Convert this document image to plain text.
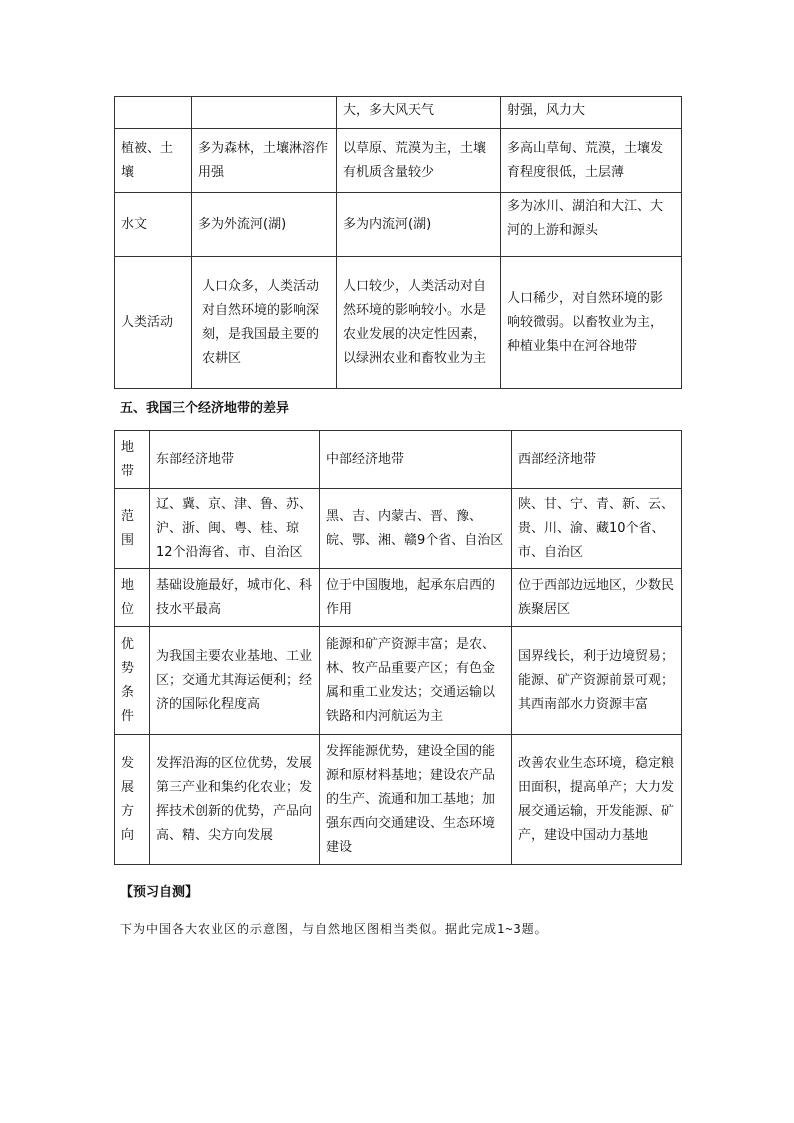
		大，多大风天气	射强，风力大
植被、土壤	多为森林，土壤淋溶作用强	以草原、荒漠为主，土壤有机质含量较少	多高山草甸、荒漠，土壤发育程度很低，土层薄
水文	多为外流河(湖)	多为内流河(湖)	多为冰川、湖泊和大江、大河的上游和源头
人类活动	人口众多，人类活动对自然环境的影响深刻，是我国最主要的农耕区	人口较少，人类活动对自然环境的影响较小。水是农业发展的决定性因素，以绿洲农业和畜牧业为主	人口稀少，对自然环境的影响较微弱。以畜牧业为主，种植业集中在河谷地带
五、我国三个经济地带的差异
地带	东部经济地带	中部经济地带	西部经济地带
范围	辽、冀、京、津、鲁、苏、沪、浙、闽、粤、桂、琼12个沿海省、市、自治区	黑、吉、内蒙古、晋、豫、皖、鄂、湘、赣9个省、自治区	陕、甘、宁、青、新、云、贵、川、渝、藏10个省、市、自治区
地位	基础设施最好，城市化、科技水平最高	位于中国腹地，起承东启西的作用	位于西部边远地区，少数民族聚居区
优势条件	为我国主要农业基地、工业区；交通尤其海运便利；经济的国际化程度高	能源和矿产资源丰富；是农、林、牧产品重要产区；有色金属和重工业发达；交通运输以铁路和内河航运为主	国界线长，利于边境贸易；能源、矿产资源前景可观；其西南部水力资源丰富
发展方向	发挥沿海的区位优势，发展第三产业和集约化农业；发挥技术创新的优势，产品向高、精、尖方向发展	发挥能源优势，建设全国的能源和原材料基地；建设农产品的生产、流通和加工基地；加强东西向交通建设、生态环境建设	改善农业生态环境，稳定粮田面积，提高单产；大力发展交通运输，开发能源、矿产，建设中国动力基地
【预习自测】
下为中国各大农业区的示意图，与自然地区图相当类似。据此完成1~3题。
